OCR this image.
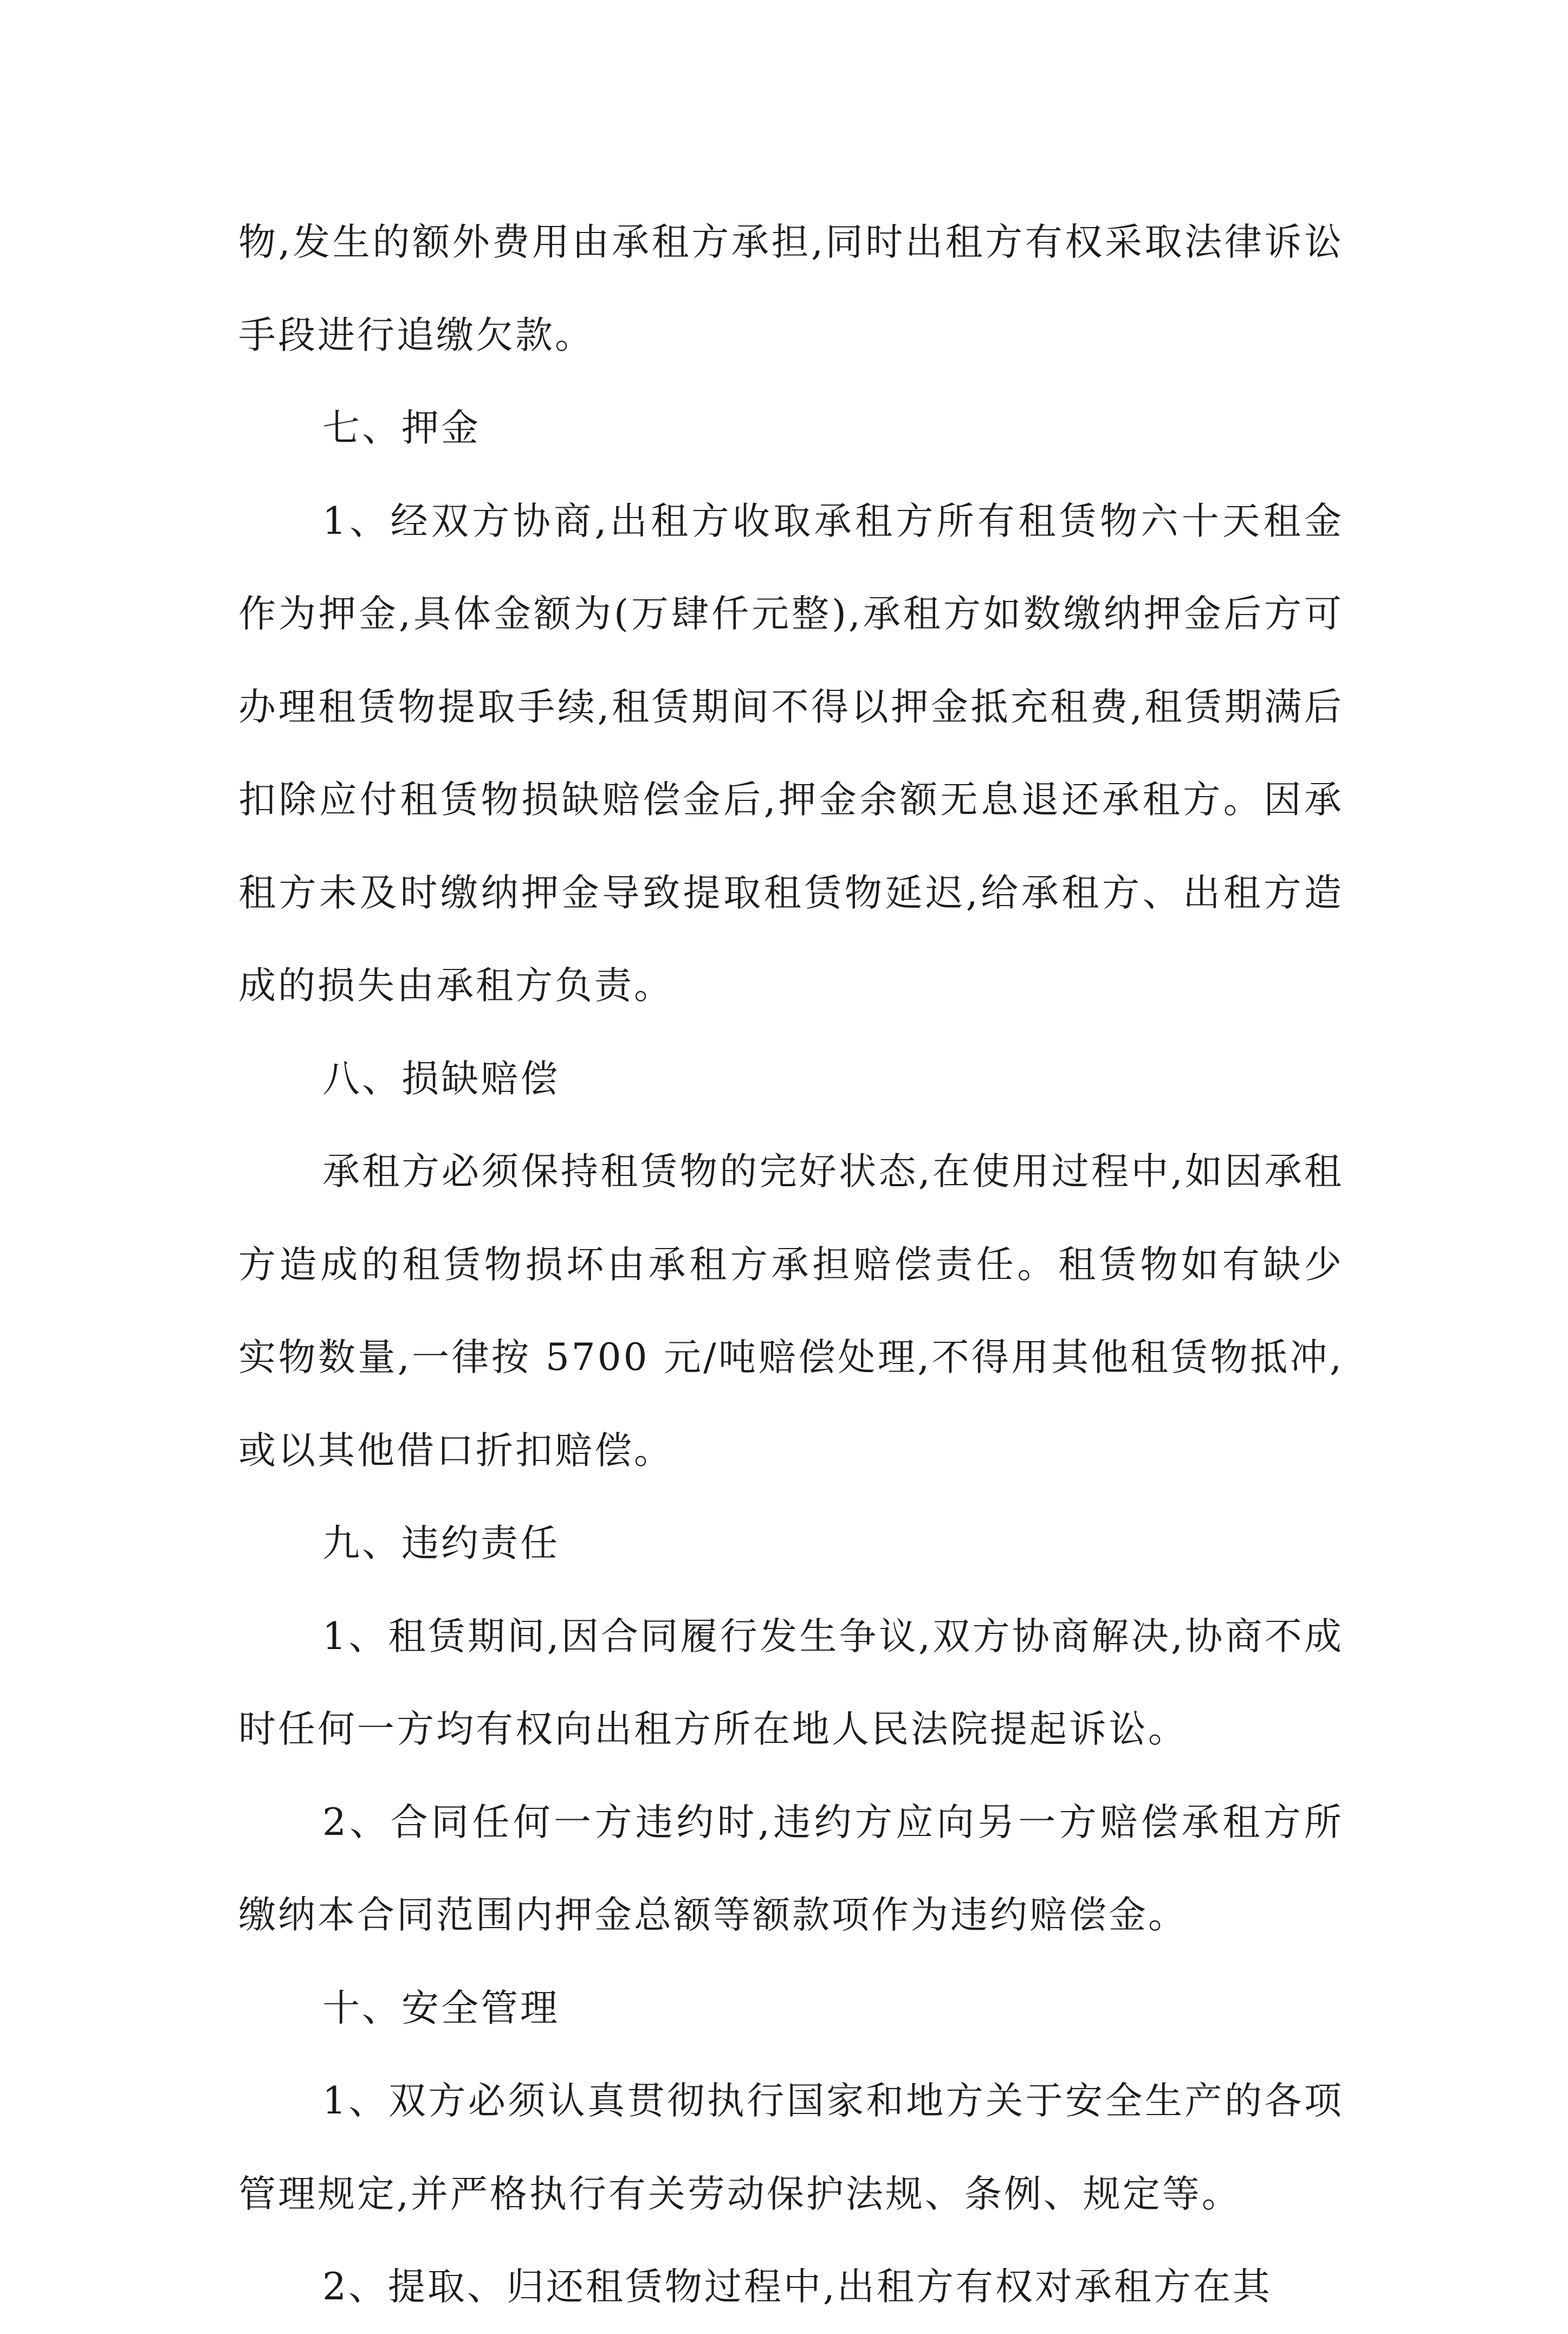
物,发生的额外费用由承租方承担,同时出租方有权采取法律诉讼手段进行追缴欠款。

七、押金

1、经双方协商,出租方收取承租方所有租赁物六十天租金作为押金,具体金额为(万肆仟元整),承租方如数缴纳押金后方可办理租赁物提取手续,租赁期间不得以押金抵充租费,租赁期满后扣除应付租赁物损缺赔偿金后,押金余额无息退还承租方。因承租方未及时缴纳押金导致提取租赁物延迟,给承租方、出租方造成的损失由承租方负责。

八、损缺赔偿

承租方必须保持租赁物的完好状态,在使用过程中,如因承租方造成的租赁物损坏由承租方承担赔偿责任。租赁物如有缺少实物数量,一律按 5700 元/吨赔偿处理,不得用其他租赁物抵冲,或以其他借口折扣赔偿。

九、违约责任

1、租赁期间,因合同履行发生争议,双方协商解决,协商不成时任何一方均有权向出租方所在地人民法院提起诉讼。

2、合同任何一方违约时,违约方应向另一方赔偿承租方所缴纳本合同范围内押金总额等额款项作为违约赔偿金。

十、安全管理

1、双方必须认真贯彻执行国家和地方关于安全生产的各项管理规定,并严格执行有关劳动保护法规、条例、规定等。

2、提取、归还租赁物过程中,出租方有权对承租方在其
